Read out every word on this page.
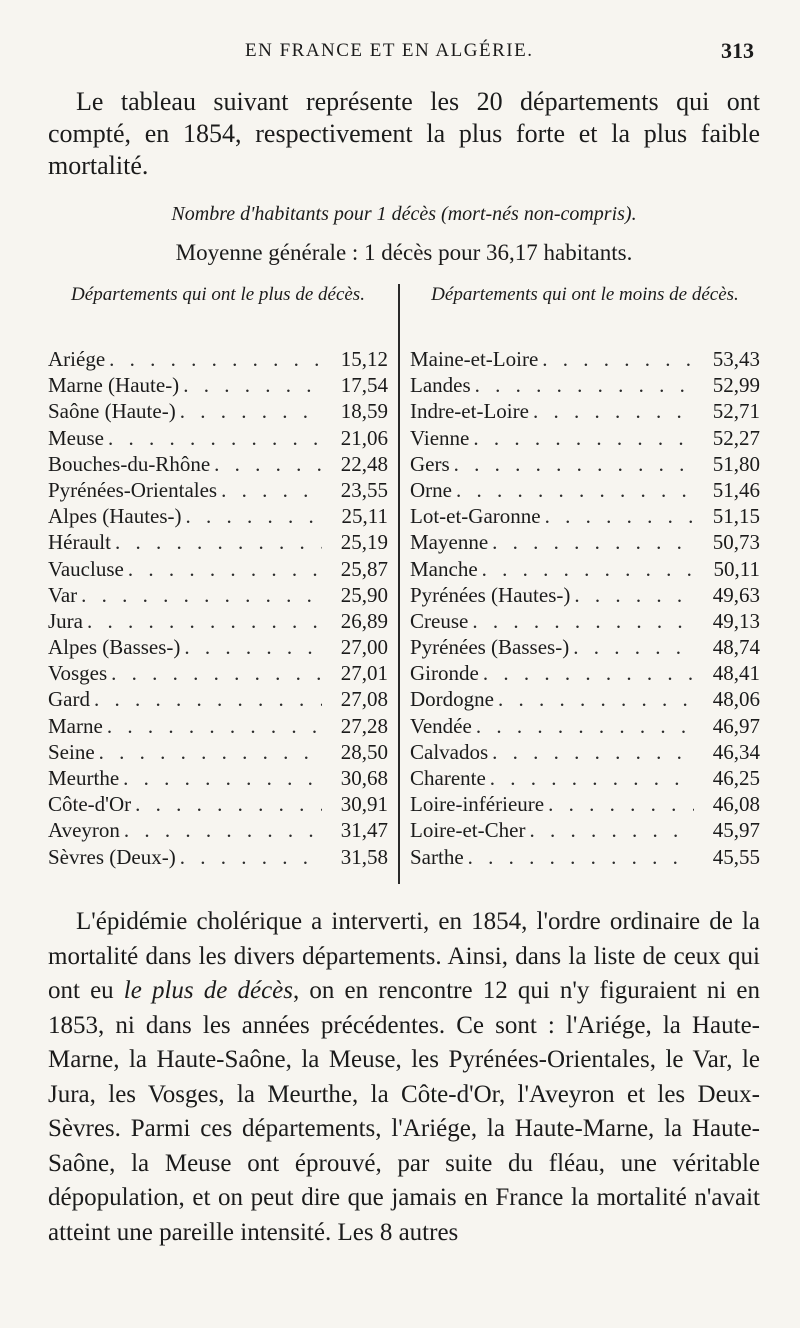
EN FRANCE ET EN ALGÉRIE.	313

Le tableau suivant représente les 20 départements qui ont compté, en 1854, respectivement la plus forte et la plus faible mortalité.

Nombre d'habitants pour 1 décès (mort-nés non-compris).

Moyenne générale : 1 décès pour 36,17 habitants.

Départements qui ont le plus de décès.
Ariége . . .	15,12
Marne (Haute-) . . .	17,54
Saône (Haute-) . . .	18,59
Meuse . . .	21,06
Bouches-du-Rhône . . .	22,48
Pyrénées-Orientales . . .	23,55
Alpes (Hautes-) . . .	25,11
Hérault . . .	25,19
Vaucluse . . .	25,87
Var . . .	25,90
Jura . . .	26,89
Alpes (Basses-) . . .	27,00
Vosges . . .	27,01
Gard . . .	27,08
Marne . . .	27,28
Seine . . .	28,50
Meurthe . . .	30,68
Côte-d'Or . . .	30,91
Aveyron . . .	31,47
Sèvres (Deux-) . . .	31,58
Départements qui ont le moins de décès.
Maine-et-Loire . . .	53,43
Landes . . .	52,99
Indre-et-Loire . . .	52,71
Vienne . . .	52,27
Gers . . .	51,80
Orne . . .	51,46
Lot-et-Garonne . . .	51,15
Mayenne . . .	50,73
Manche . . .	50,11
Pyrénées (Hautes-) . . .	49,63
Creuse . . .	49,13
Pyrénées (Basses-) . . .	48,74
Gironde . . .	48,41
Dordogne . . .	48,06
Vendée . . .	46,97
Calvados . . .	46,34
Charente . . .	46,25
Loire-inférieure . . .	46,08
Loire-et-Cher . . .	45,97
Sarthe . . .	45,55

L'épidémie cholérique a interverti, en 1854, l'ordre ordinaire de la mortalité dans les divers départements. Ainsi, dans la liste de ceux qui ont eu le plus de décès, on en rencontre 12 qui n'y figuraient ni en 1853, ni dans les années précédentes. Ce sont : l'Ariége, la Haute-Marne, la Haute-Saône, la Meuse, les Pyrénées-Orientales, le Var, le Jura, les Vosges, la Meurthe, la Côte-d'Or, l'Aveyron et les Deux-Sèvres. Parmi ces départements, l'Ariége, la Haute-Marne, la Haute-Saône, la Meuse ont éprouvé, par suite du fléau, une véritable dépopulation, et on peut dire que jamais en France la mortalité n'avait atteint une pareille intensité. Les 8 autres
